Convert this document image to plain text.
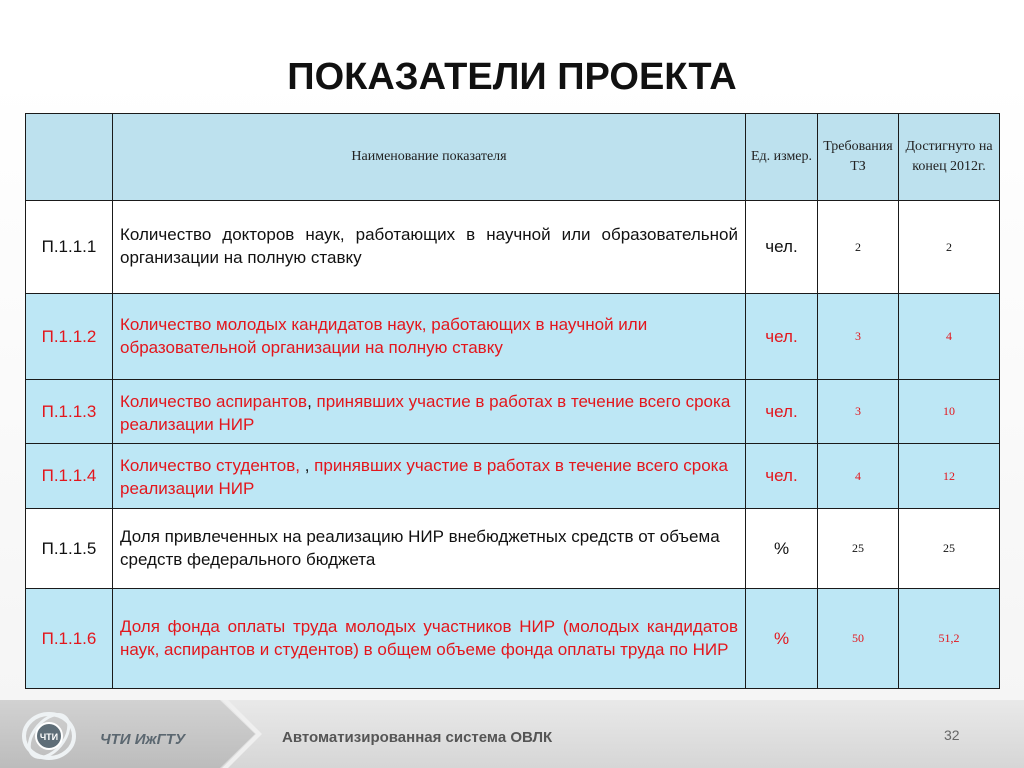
ПОКАЗАТЕЛИ ПРОЕКТА
	Наименование показателя	Ед. измер.	Требования ТЗ	Достигнуто на конец 2012г.
П.1.1.1	Количество докторов наук, работающих в научной или образовательной организации на полную ставку	чел.	2	2
П.1.1.2	Количество молодых кандидатов наук, работающих в научной или образовательной организации на полную ставку	чел.	3	4
П.1.1.3	Количество аспирантов, принявших участие в работах в течение всего срока реализации НИР	чел.	3	10
П.1.1.4	Количество студентов, , принявших участие в работах в течение всего срока реализации НИР	чел.	4	12
П.1.1.5	Доля привлеченных на реализацию НИР внебюджетных средств от объема средств федерального бюджета	%	25	25
П.1.1.6	Доля фонда оплаты труда молодых участников НИР (молодых кандидатов наук, аспирантов и студентов) в общем объеме фонда оплаты труда по НИР	%	50	51,2
ЧТИ	ЧТИ ИжГТУ	Автоматизированная система ОВЛК	32
